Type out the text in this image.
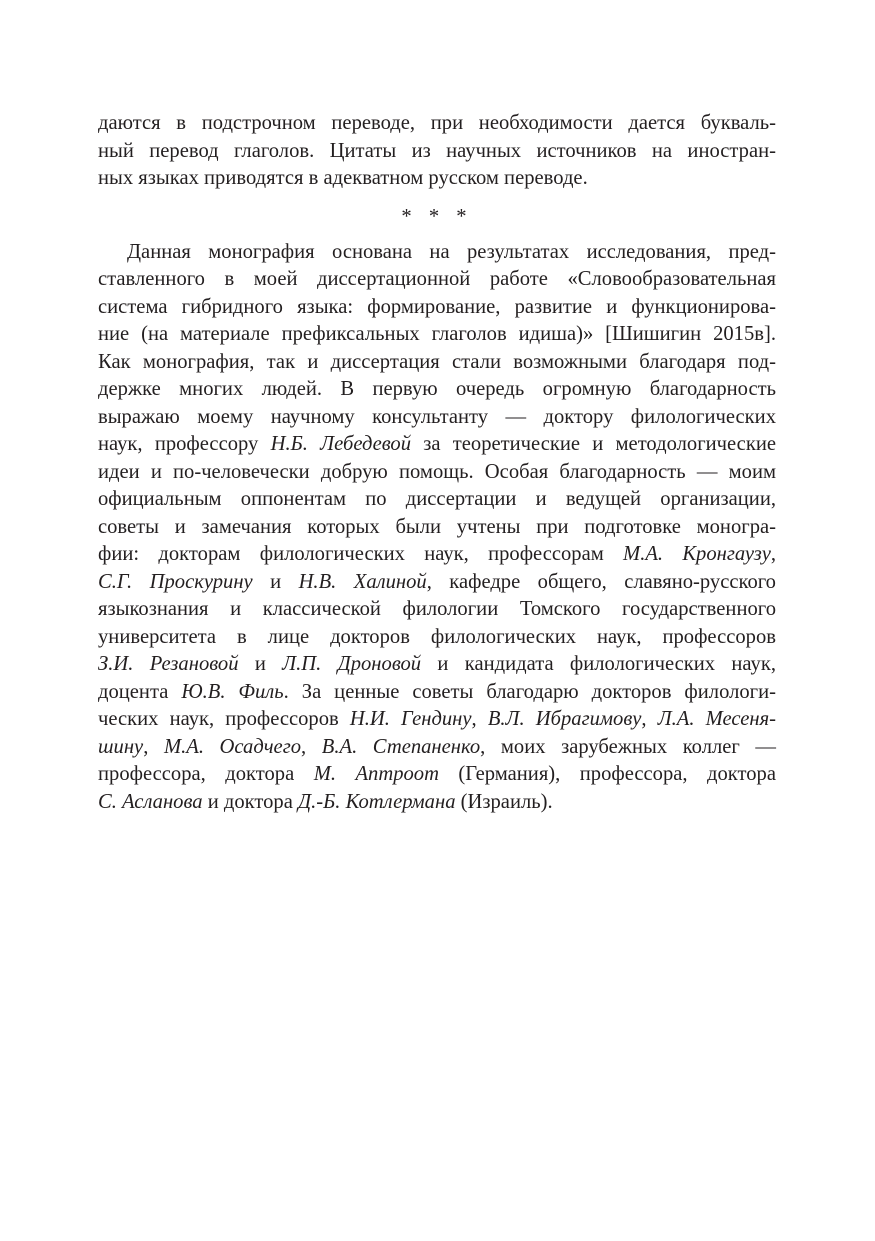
даются в подстрочном переводе, при необходимости дается букваль-
ный перевод глаголов. Цитаты из научных источников на иностран-
ных языках приводятся в адекватном русском переводе.
* * *
Данная монография основана на результатах исследования, пред-
ставленного в моей диссертационной работе «Словообразовательная
система гибридного языка: формирование, развитие и функционирова-
ние (на материале префиксальных глаголов идиша)» [Шишигин 2015в].
Как монография, так и диссертация стали возможными благодаря под-
держке многих людей. В первую очередь огромную благодарность
выражаю моему научному консультанту — доктору филологических
наук, профессору Н.Б. Лебедевой за теоретические и методологические
идеи и по-человечески добрую помощь. Особая благодарность — моим
официальным оппонентам по диссертации и ведущей организации,
советы и замечания которых были учтены при подготовке моногра-
фии: докторам филологических наук, профессорам М.А. Кронгаузу,
С.Г. Проскурину и Н.В. Халиной, кафедре общего, славяно-русского
языкознания и классической филологии Томского государственного
университета в лице докторов филологических наук, профессоров
З.И. Резановой и Л.П. Дроновой и кандидата филологических наук,
доцента Ю.В. Филь. За ценные советы благодарю докторов филологи-
ческих наук, профессоров Н.И. Гендину, В.Л. Ибрагимову, Л.А. Месеня-
шину, М.А. Осадчего, В.А. Степаненко, моих зарубежных коллег —
профессора, доктора М. Аптроот (Германия), профессора, доктора
С. Асланова и доктора Д.-Б. Котлермана (Израиль).
